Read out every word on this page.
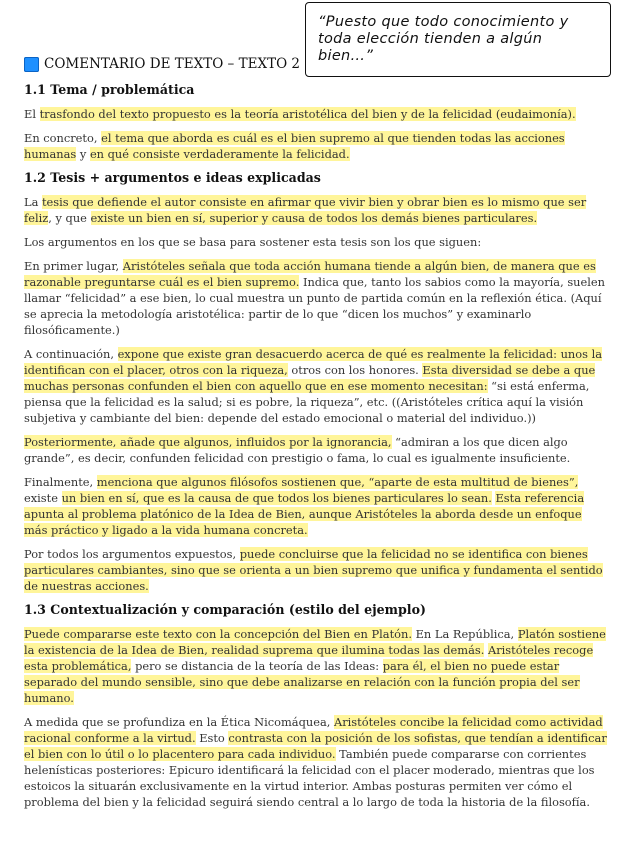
“Puesto que todo conocimiento y toda elección tienden a algún bien…”
COMENTARIO DE TEXTO – TEXTO 2
1.1 Tema / problemática

El trasfondo del texto propuesto es la teoría aristotélica del bien y de la felicidad (eudaimonía).

En concreto, el tema que aborda es cuál es el bien supremo al que tienden todas las acciones humanas y en qué consiste verdaderamente la felicidad.

1.2 Tesis + argumentos e ideas explicadas

La tesis que defiende el autor consiste en afirmar que vivir bien y obrar bien es lo mismo que ser feliz, y que existe un bien en sí, superior y causa de todos los demás bienes particulares.

Los argumentos en los que se basa para sostener esta tesis son los que siguen:

En primer lugar, Aristóteles señala que toda acción humana tiende a algún bien, de manera que es razonable preguntarse cuál es el bien supremo. Indica que, tanto los sabios como la mayoría, suelen llamar “felicidad” a ese bien, lo cual muestra un punto de partida común en la reflexión ética. (Aquí se aprecia la metodología aristotélica: partir de lo que “dicen los muchos” y examinarlo filosóficamente.)

A continuación, expone que existe gran desacuerdo acerca de qué es realmente la felicidad: unos la identifican con el placer, otros con la riqueza, otros con los honores. Esta diversidad se debe a que muchas personas confunden el bien con aquello que en ese momento necesitan: “si está enferma, piensa que la felicidad es la salud; si es pobre, la riqueza”, etc. ((Aristóteles crítica aquí la visión subjetiva y cambiante del bien: depende del estado emocional o material del individuo.))

Posteriormente, añade que algunos, influidos por la ignorancia, “admiran a los que dicen algo grande”, es decir, confunden felicidad con prestigio o fama, lo cual es igualmente insuficiente.

Finalmente, menciona que algunos filósofos sostienen que, “aparte de esta multitud de bienes”, existe un bien en sí, que es la causa de que todos los bienes particulares lo sean. Esta referencia apunta al problema platónico de la Idea de Bien, aunque Aristóteles la aborda desde un enfoque más práctico y ligado a la vida humana concreta.

Por todos los argumentos expuestos, puede concluirse que la felicidad no se identifica con bienes particulares cambiantes, sino que se orienta a un bien supremo que unifica y fundamenta el sentido de nuestras acciones.

1.3 Contextualización y comparación (estilo del ejemplo)

Puede compararse este texto con la concepción del Bien en Platón. En La República, Platón sostiene la existencia de la Idea de Bien, realidad suprema que ilumina todas las demás. Aristóteles recoge esta problemática, pero se distancia de la teoría de las Ideas: para él, el bien no puede estar separado del mundo sensible, sino que debe analizarse en relación con la función propia del ser humano.

A medida que se profundiza en la Ética Nicomáquea, Aristóteles concibe la felicidad como actividad racional conforme a la virtud. Esto contrasta con la posición de los sofistas, que tendían a identificar el bien con lo útil o lo placentero para cada individuo. También puede compararse con corrientes helenísticas posteriores: Epicuro identificará la felicidad con el placer moderado, mientras que los estoicos la situarán exclusivamente en la virtud interior. Ambas posturas permiten ver cómo el problema del bien y la felicidad seguirá siendo central a lo largo de toda la historia de la filosofía.
